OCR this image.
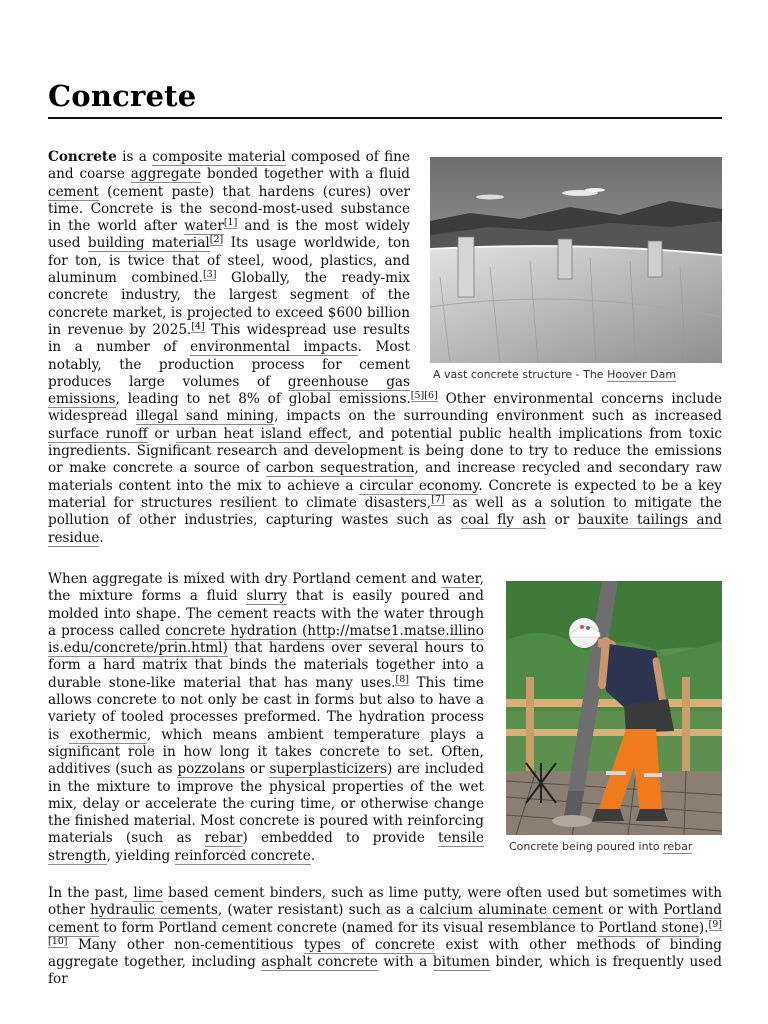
Concrete
A vast concrete structure - The Hoover Dam
Concrete is a composite material composed of fine and coarse aggregate bonded together with a fluid cement (cement paste) that hardens (cures) over time. Concrete is the second-most-used substance in the world after water[1] and is the most widely used building material[2] Its usage worldwide, ton for ton, is twice that of steel, wood, plastics, and aluminum combined.[3] Globally, the ready-mix concrete industry, the largest segment of the concrete market, is projected to exceed $600 billion in revenue by 2025.[4] This widespread use results in a number of environmental impacts. Most notably, the production process for cement produces large volumes of greenhouse gas emissions, leading to net 8% of global emissions.[5][6] Other environmental concerns include widespread illegal sand mining, impacts on the surrounding environment such as increased surface runoff or urban heat island effect, and potential public health implications from toxic ingredients. Significant research and development is being done to try to reduce the emissions or make concrete a source of carbon sequestration, and increase recycled and secondary raw materials content into the mix to achieve a circular economy. Concrete is expected to be a key material for structures resilient to climate disasters,[7] as well as a solution to mitigate the pollution of other industries, capturing wastes such as coal fly ash or bauxite tailings and residue.
Concrete being poured into rebar
When aggregate is mixed with dry Portland cement and water, the mixture forms a fluid slurry that is easily poured and molded into shape. The cement reacts with the water through a process called concrete hydration (http://matse1.matse.illinois.edu/concrete/prin.html) that hardens over several hours to form a hard matrix that binds the materials together into a durable stone-like material that has many uses.[8] This time allows concrete to not only be cast in forms but also to have a variety of tooled processes preformed. The hydration process is exothermic, which means ambient temperature plays a significant role in how long it takes concrete to set. Often, additives (such as pozzolans or superplasticizers) are included in the mixture to improve the physical properties of the wet mix, delay or accelerate the curing time, or otherwise change the finished material. Most concrete is poured with reinforcing materials (such as rebar) embedded to provide tensile strength, yielding reinforced concrete.
In the past, lime based cement binders, such as lime putty, were often used but sometimes with other hydraulic cements, (water resistant) such as a calcium aluminate cement or with Portland cement to form Portland cement concrete (named for its visual resemblance to Portland stone).[9][10] Many other non-cementitious types of concrete exist with other methods of binding aggregate together, including asphalt concrete with a bitumen binder, which is frequently used for
